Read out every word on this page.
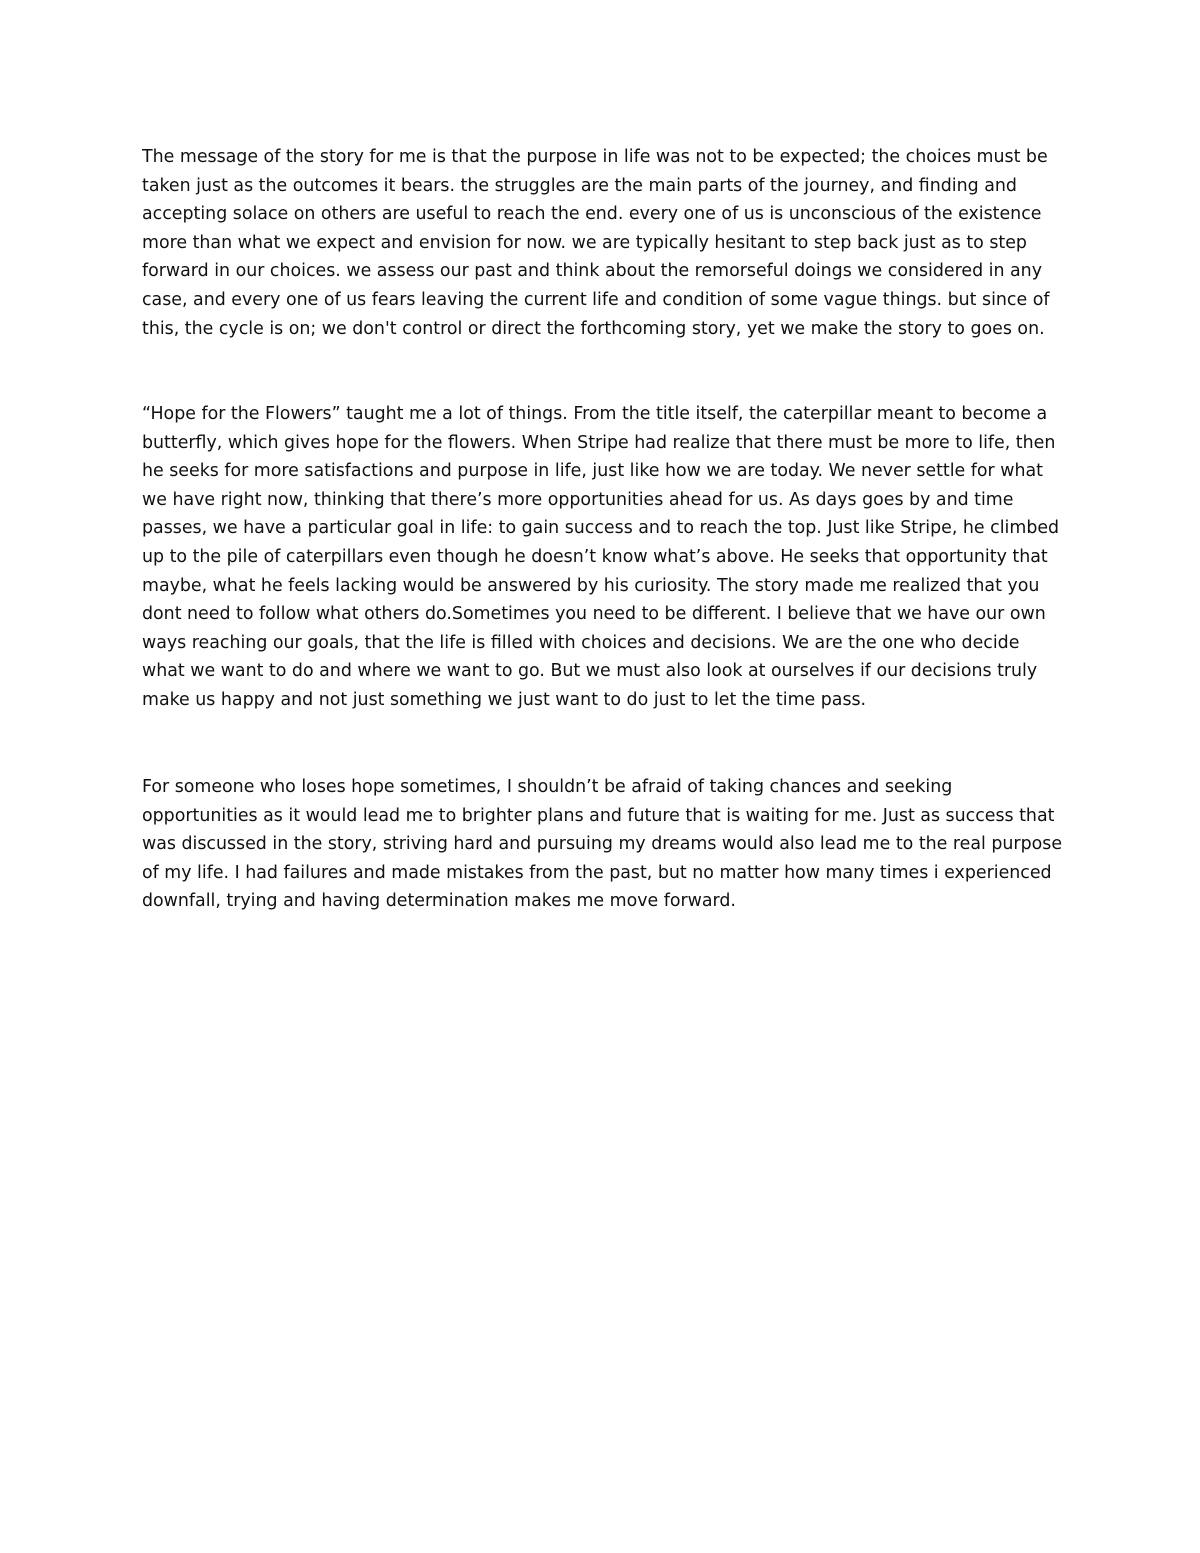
The message of the story for me is that the purpose in life was not to be expected; the choices must be
taken just as the outcomes it bears. the struggles are the main parts of the journey, and finding and
accepting solace on others are useful to reach the end. every one of us is unconscious of the existence
more than what we expect and envision for now. we are typically hesitant to step back just as to step
forward in our choices. we assess our past and think about the remorseful doings we considered in any
case, and every one of us fears leaving the current life and condition of some vague things. but since of
this, the cycle is on; we don't control or direct the forthcoming story, yet we make the story to goes on.

“Hope for the Flowers” taught me a lot of things. From the title itself, the caterpillar meant to become a
butterfly, which gives hope for the flowers. When Stripe had realize that there must be more to life, then
he seeks for more satisfactions and purpose in life, just like how we are today. We never settle for what
we have right now, thinking that there’s more opportunities ahead for us. As days goes by and time
passes, we have a particular goal in life: to gain success and to reach the top. Just like Stripe, he climbed
up to the pile of caterpillars even though he doesn’t know what’s above. He seeks that opportunity that
maybe, what he feels lacking would be answered by his curiosity. The story made me realized that you
dont need to follow what others do.Sometimes you need to be different. I believe that we have our own
ways reaching our goals, that the life is filled with choices and decisions. We are the one who decide
what we want to do and where we want to go. But we must also look at ourselves if our decisions truly
make us happy and not just something we just want to do just to let the time pass.

For someone who loses hope sometimes, I shouldn’t be afraid of taking chances and seeking
opportunities as it would lead me to brighter plans and future that is waiting for me. Just as success that
was discussed in the story, striving hard and pursuing my dreams would also lead me to the real purpose
of my life. I had failures and made mistakes from the past, but no matter how many times i experienced
downfall, trying and having determination makes me move forward.
